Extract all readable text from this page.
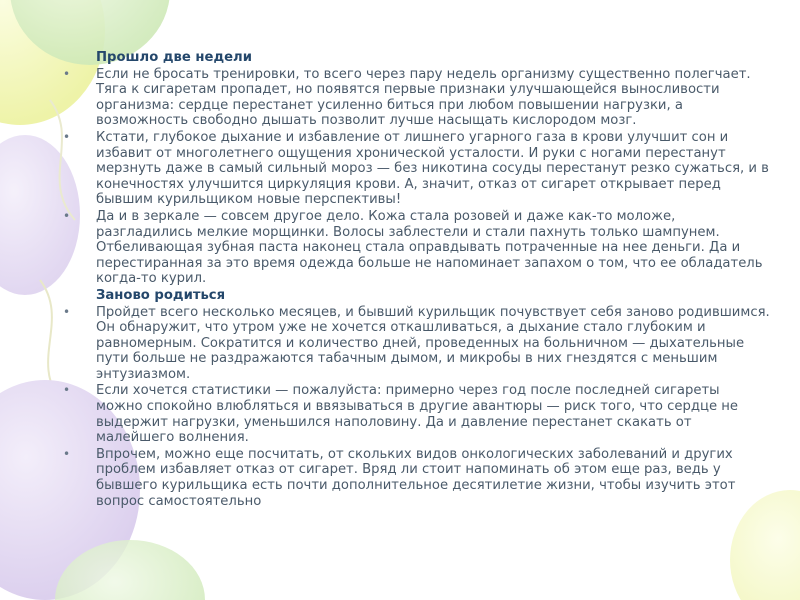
Прошло две недели
• Если не бросать тренировки, то всего через пару недель организму существенно полегчает. Тяга к сигаретам пропадет, но появятся первые признаки улучшающейся выносливости организма: сердце перестанет усиленно биться при любом повышении нагрузки, а возможность свободно дышать позволит лучше насыщать кислородом мозг.
• Кстати, глубокое дыхание и избавление от лишнего угарного газа в крови улучшит сон и избавит от многолетнего ощущения хронической усталости. И руки с ногами перестанут мерзнуть даже в самый сильный мороз — без никотина сосуды перестанут резко сужаться, и в конечностях улучшится циркуляция крови. А, значит, отказ от сигарет открывает перед бывшим курильщиком новые перспективы!
• Да и в зеркале — совсем другое дело. Кожа стала розовей и даже как-то моложе, разгладились мелкие морщинки. Волосы заблестели и стали пахнуть только шампунем. Отбеливающая зубная паста наконец стала оправдывать потраченные на нее деньги. Да и перестиранная за это время одежда больше не напоминает запахом о том, что ее обладатель когда-то курил.
Заново родиться
• Пройдет всего несколько месяцев, и бывший курильщик почувствует себя заново родившимся. Он обнаружит, что утром уже не хочется откашливаться, а дыхание стало глубоким и равномерным. Сократится и количество дней, проведенных на больничном — дыхательные пути больше не раздражаются табачным дымом, и микробы в них гнездятся с меньшим энтузиазмом.
• Если хочется статистики — пожалуйста: примерно через год после последней сигареты можно спокойно влюбляться и ввязываться в другие авантюры — риск того, что сердце не выдержит нагрузки, уменьшился наполовину. Да и давление перестанет скакать от малейшего волнения.
• Впрочем, можно еще посчитать, от скольких видов онкологических заболеваний и других проблем избавляет отказ от сигарет. Вряд ли стоит напоминать об этом еще раз, ведь у бывшего курильщика есть почти дополнительное десятилетие жизни, чтобы изучить этот вопрос самостоятельно
